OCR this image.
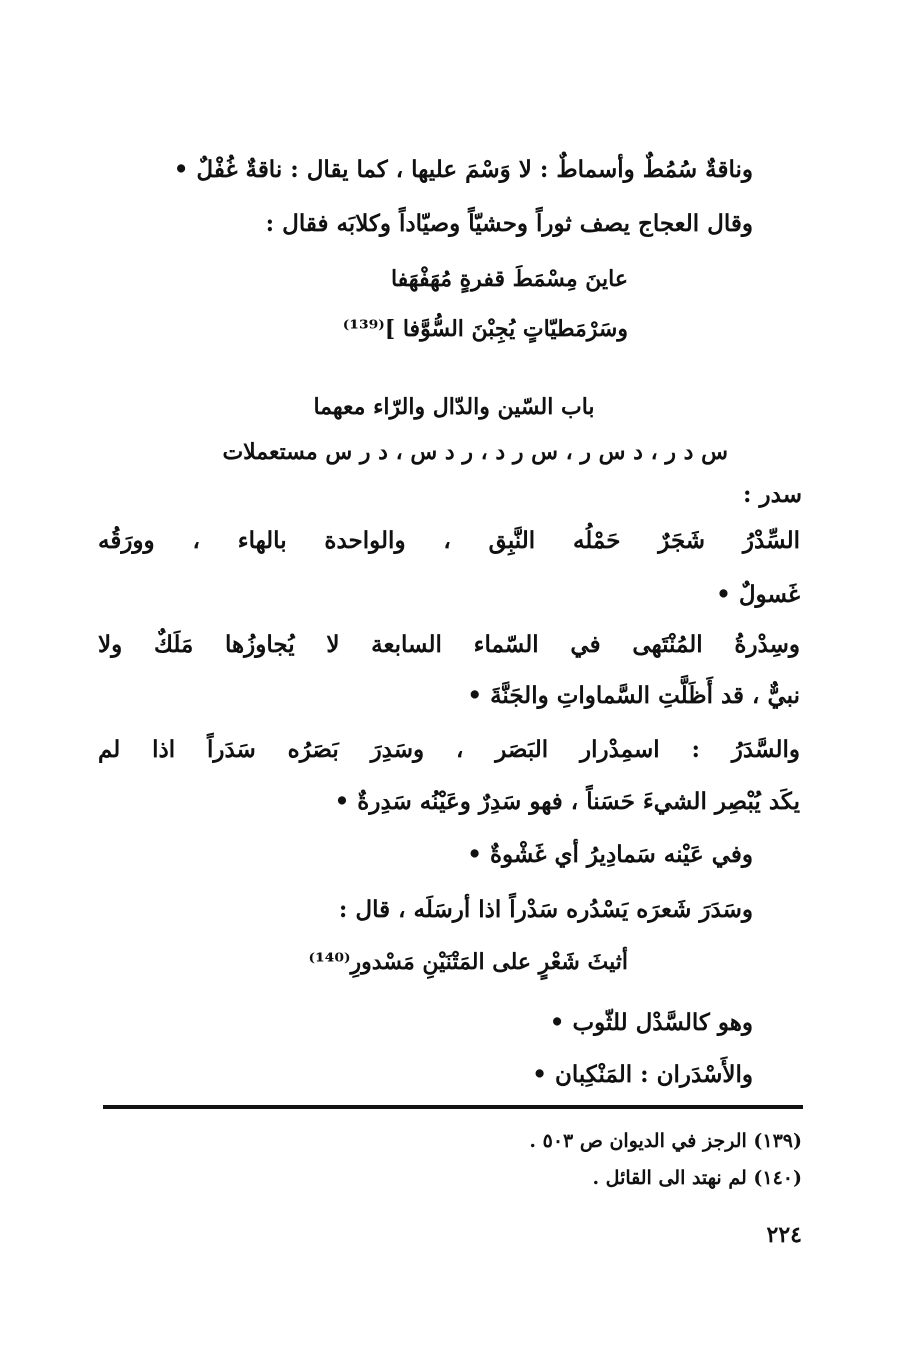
وناقةٌ سُمُطٌ وأسماطٌ : لا وَسْمَ عليها ، كما يقال : ناقةٌ غُفْلٌ •
وقال العجاج يصف ثوراً وحشيّاً وصيّاداً وكلابَه فقال :
عاينَ مِسْمَطَ قفرةٍ مُهَفْهَفا
وسَرْمَطيّاتٍ يُجِبْنَ السُّوَّفا ]⁽¹³⁹⁾
باب السّين والدّال والرّاء معهما
س د ر ، د س ر ، س ر د ، ر د س ، د ر س مستعملات
سدر :
السِّدْرُ شَجَرٌ حَمْلُه النَّبِق ، والواحدة بالهاء ، وورَقُه
غَسولٌ •
وسِدْرةُ المُنْتَهى في السّماء السابعة لا يُجاوزُها مَلَكٌ ولا
نبيٌّ ، قد أَظَلَّتِ السَّماواتِ والجَنَّةَ •
والسَّدَرُ : اسمِدْرار البَصَر ، وسَدِرَ بَصَرُه سَدَراً اذا لم
يكَد يُبْصِر الشيءَ حَسَناً ، فهو سَدِرٌ وعَيْنُه سَدِرةٌ •
وفي عَيْنه سَمادِيرُ أي غَشْوةٌ •
وسَدَرَ شَعرَه يَسْدُره سَدْراً اذا أرسَلَه ، قال :
أثيثَ شَعْرٍ على المَتْنَيْنِ مَسْدورِ⁽¹⁴⁰⁾
وهو كالسَّدْل للثّوب •
والأَسْدَران : المَنْكِبان •
(١٣٩) الرجز في الديوان ص ٥٠٣ .
(١٤٠) لم نهتد الى القائل .
٢٢٤
